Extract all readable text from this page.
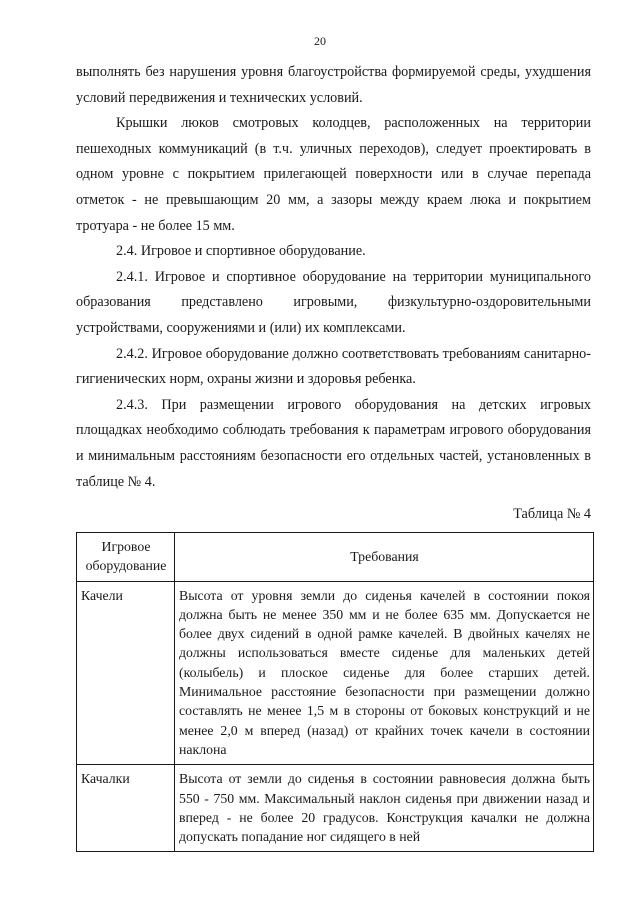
20

выполнять без нарушения уровня благоустройства формируемой среды, ухудшения условий передвижения и технических условий.

Крышки люков смотровых колодцев, расположенных на территории пешеходных коммуникаций (в т.ч. уличных переходов), следует проектировать в одном уровне с покрытием прилегающей поверхности или в случае перепада отметок - не превышающим 20 мм, а зазоры между краем люка и покрытием тротуара - не более 15 мм.

2.4. Игровое и спортивное оборудование.

2.4.1. Игровое и спортивное оборудование на территории муниципального образования представлено игровыми, физкультурно-оздоровительными устройствами, сооружениями и (или) их комплексами.

2.4.2. Игровое оборудование должно соответствовать требованиям санитарно-гигиенических норм, охраны жизни и здоровья ребенка.

2.4.3. При размещении игрового оборудования на детских игровых площадках необходимо соблюдать требования к параметрам игрового оборудования и минимальным расстояниям безопасности его отдельных частей, установленных в таблице № 4.

Таблица № 4
Игровое оборудование	Требования
Качели	Высота от уровня земли до сиденья качелей в состоянии покоя должна быть не менее 350 мм и не более 635 мм. Допускается не более двух сидений в одной рамке качелей. В двойных качелях не должны использоваться вместе сиденье для маленьких детей (колыбель) и плоское сиденье для более старших детей. Минимальное расстояние безопасности при размещении должно составлять не менее 1,5 м в стороны от боковых конструкций и не менее 2,0 м вперед (назад) от крайних точек качели в состоянии наклона
Качалки	Высота от земли до сиденья в состоянии равновесия должна быть 550 - 750 мм. Максимальный наклон сиденья при движении назад и вперед - не более 20 градусов. Конструкция качалки не должна допускать попадание ног сидящего в ней
